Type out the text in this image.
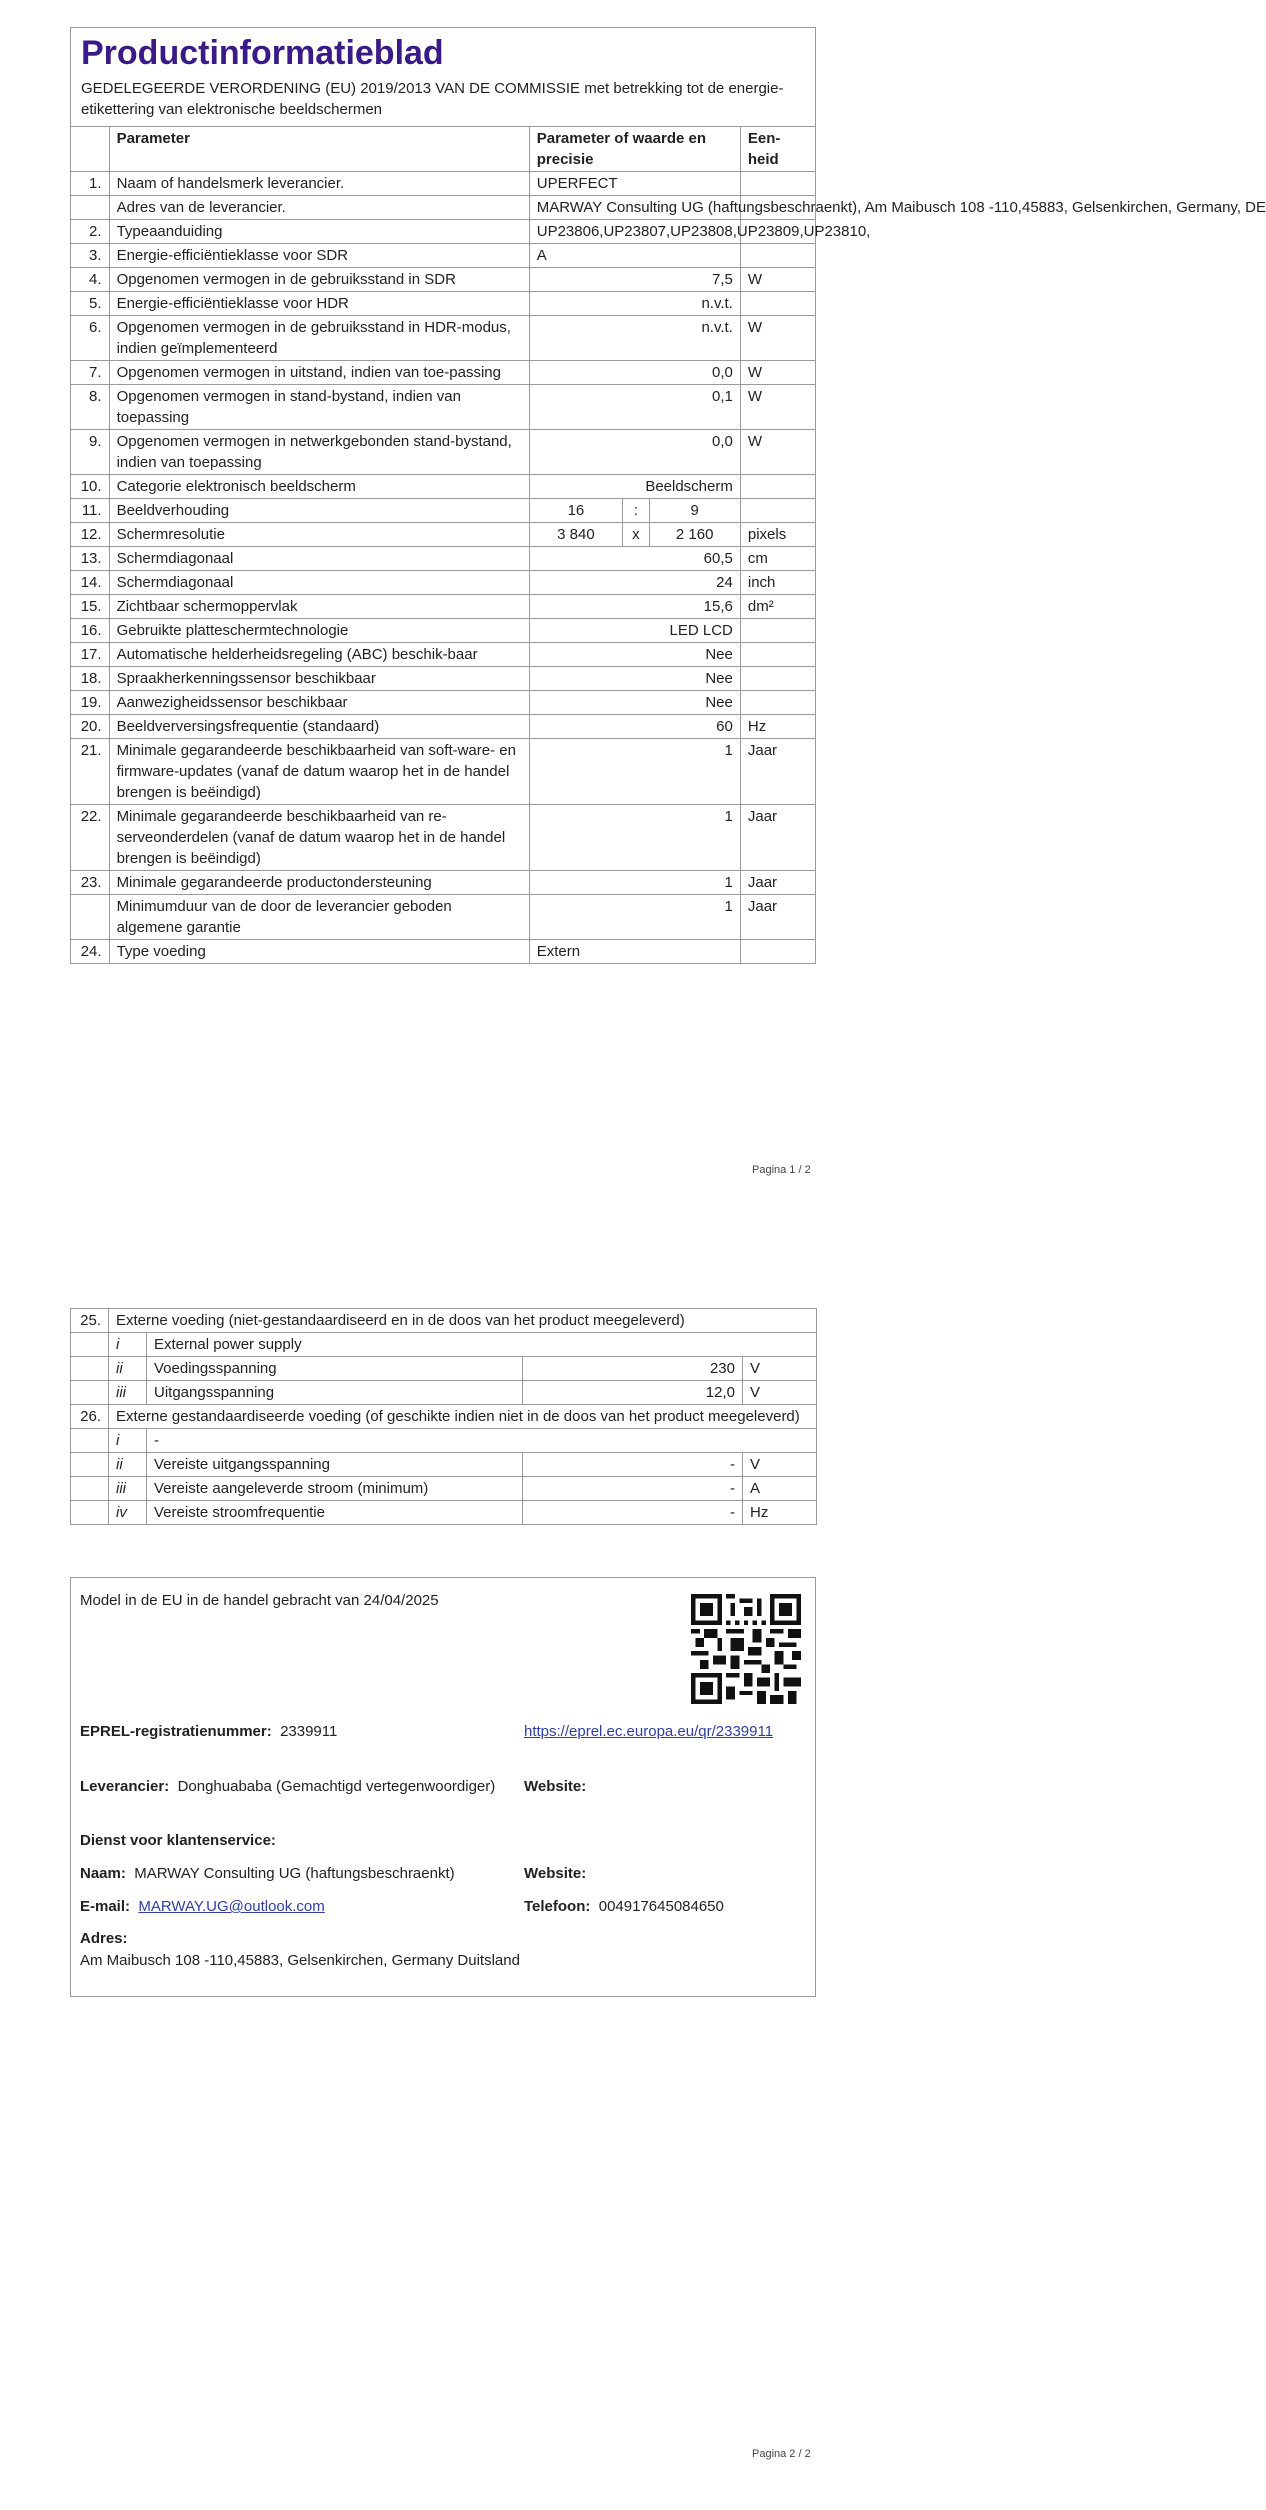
Productinformatieblad

GEDELEGEERDE VERORDENING (EU) 2019/2013 VAN DE COMMISSIE met betrekking tot de energie-etikettering van elektronische beeldschermen

	Parameter	Parameter of waarde en precisie			Een-heid
1.	Naam of handelsmerk leverancier.	UPERFECT			
	Adres van de leverancier.	MARWAY Consulting UG (haftungsbeschraenkt), Am Maibusch 108 -110,45883, Gelsenkirchen, Germany, DE			
2.	Typeaanduiding	UP23806,UP23807,UP23808,UP23809,UP23810,			
3.	Energie-efficiëntieklasse voor SDR	A			
4.	Opgenomen vermogen in de gebruiksstand in SDR	7,5			W
5.	Energie-efficiëntieklasse voor HDR	n.v.t.			
6.	Opgenomen vermogen in de gebruiksstand in HDR-modus, indien geïmplementeerd	n.v.t.			W
7.	Opgenomen vermogen in uitstand, indien van toe-passing	0,0			W
8.	Opgenomen vermogen in stand-bystand, indien van toepassing	0,1			W
9.	Opgenomen vermogen in netwerkgebonden stand-bystand, indien van toepassing	0,0			W
10.	Categorie elektronisch beeldscherm	Beeldscherm			
11.	Beeldverhouding	16	:	9	
12.	Schermresolutie	3 840	x	2 160	pixels
13.	Schermdiagonaal	60,5			cm
14.	Schermdiagonaal	24			inch
15.	Zichtbaar schermoppervlak	15,6			dm²
16.	Gebruikte platteschermtechnologie	LED LCD			
17.	Automatische helderheidsregeling (ABC) beschik-baar	Nee			
18.	Spraakherkenningssensor beschikbaar	Nee			
19.	Aanwezigheidssensor beschikbaar	Nee			
20.	Beeldverversingsfrequentie (standaard)	60			Hz
21.	Minimale gegarandeerde beschikbaarheid van soft-ware- en firmware-updates (vanaf de datum waarop het in de handel brengen is beëindigd)	1			Jaar
22.	Minimale gegarandeerde beschikbaarheid van re-serveonderdelen (vanaf de datum waarop het in de handel brengen is beëindigd)	1			Jaar
23.	Minimale gegarandeerde productondersteuning	1			Jaar
	Minimumduur van de door de leverancier geboden algemene garantie	1			Jaar
24.	Type voeding	Extern			
Pagina 1 / 2
25.	Externe voeding (niet-gestandaardiseerd en in de doos van het product meegeleverd)			
	i	External power supply		
	ii	Voedingsspanning	230	V
	iii	Uitgangsspanning	12,0	V
26.	Externe gestandaardiseerde voeding (of geschikte indien niet in de doos van het product meegeleverd)			
	i	-		
	ii	Vereiste uitgangsspanning	-	V
	iii	Vereiste aangeleverde stroom (minimum)	-	A
	iv	Vereiste stroomfrequentie	-	Hz
Model in de EU in de handel gebracht van 24/04/2025
EPREL-registratienummer: 2339911	https://eprel.ec.europa.eu/qr/2339911
Leverancier: Donghuababa (Gemachtigd vertegenwoordiger)	Website:
Dienst voor klantenservice:
Naam: MARWAY Consulting UG (haftungsbeschraenkt)	Website:
E-mail: MARWAY.UG@outlook.com	Telefoon: 004917645084650
Adres:
Am Maibusch 108 -110,45883, Gelsenkirchen, Germany Duitsland
Pagina 2 / 2
